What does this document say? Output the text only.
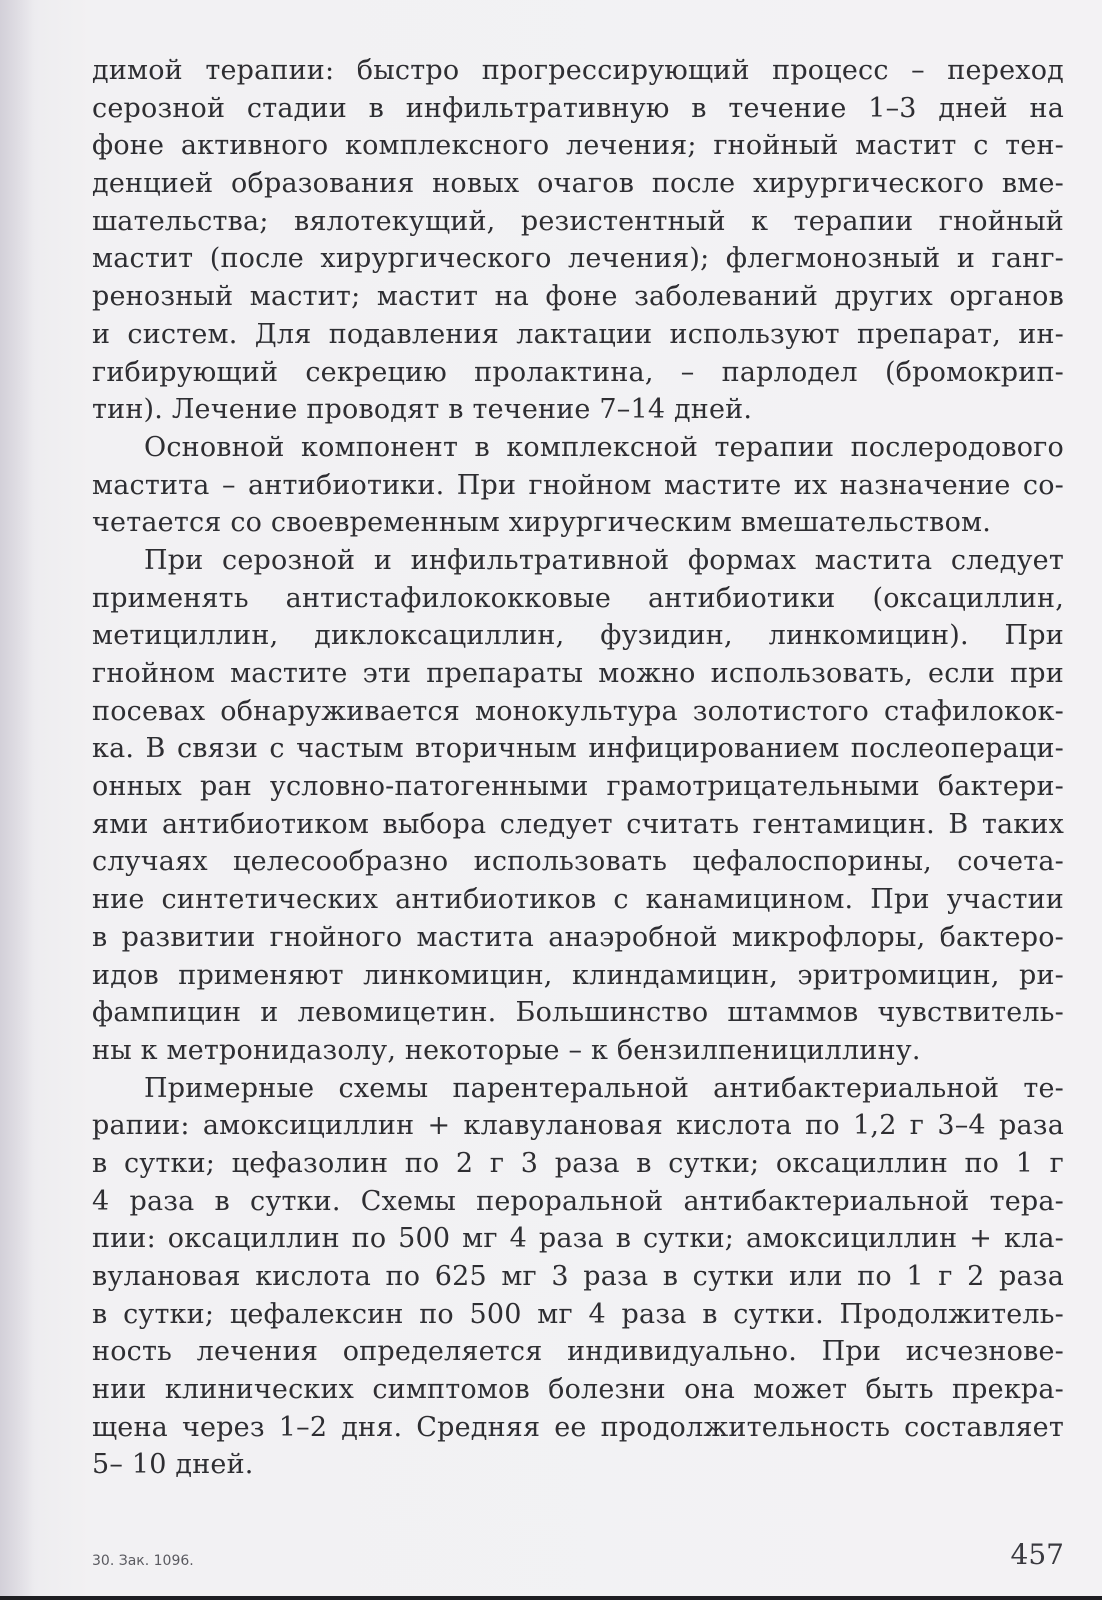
димой терапии: быстро прогрессирующий процесс – переход
серозной стадии в инфильтративную в течение 1–3 дней на
фоне активного комплексного лечения; гнойный мастит с тен-
денцией образования новых очагов после хирургического вме-
шательства; вялотекущий, резистентный к терапии гнойный
мастит (после хирургического лечения); флегмонозный и ганг-
ренозный мастит; мастит на фоне заболеваний других органов
и систем. Для подавления лактации используют препарат, ин-
гибирующий секрецию пролактина, – парлодел (бромокрип-
тин). Лечение проводят в течение 7–14 дней.
Основной компонент в комплексной терапии послеродового
мастита – антибиотики. При гнойном мастите их назначение со-
четается со своевременным хирургическим вмешательством.
При серозной и инфильтративной формах мастита следует
применять антистафилококковые антибиотики (оксациллин,
метициллин, диклоксациллин, фузидин, линкомицин). При
гнойном мастите эти препараты можно использовать, если при
посевах обнаруживается монокультура золотистого стафилокок-
ка. В связи с частым вторичным инфицированием послеопераци-
онных ран условно-патогенными грамотрицательными бактери-
ями антибиотиком выбора следует считать гентамицин. В таких
случаях целесообразно использовать цефалоспорины, сочета-
ние синтетических антибиотиков с канамицином. При участии
в развитии гнойного мастита анаэробной микрофлоры, бактеро-
идов применяют линкомицин, клиндамицин, эритромицин, ри-
фампицин и левомицетин. Большинство штаммов чувствитель-
ны к метронидазолу, некоторые – к бензилпенициллину.
Примерные схемы парентеральной антибактериальной те-
рапии: амоксициллин + клавулановая кислота по 1,2 г 3–4 раза
в сутки; цефазолин по 2 г 3 раза в сутки; оксациллин по 1 г
4 раза в сутки. Схемы пероральной антибактериальной тера-
пии: оксациллин по 500 мг 4 раза в сутки; амоксициллин + кла-
вулановая кислота по 625 мг 3 раза в сутки или по 1 г 2 раза
в сутки; цефалексин по 500 мг 4 раза в сутки. Продолжитель-
ность лечения определяется индивидуально. При исчезнове-
нии клинических симптомов болезни она может быть прекра-
щена через 1–2 дня. Средняя ее продолжительность составляет
5– 10 дней.
30. Зак. 1096.	457
